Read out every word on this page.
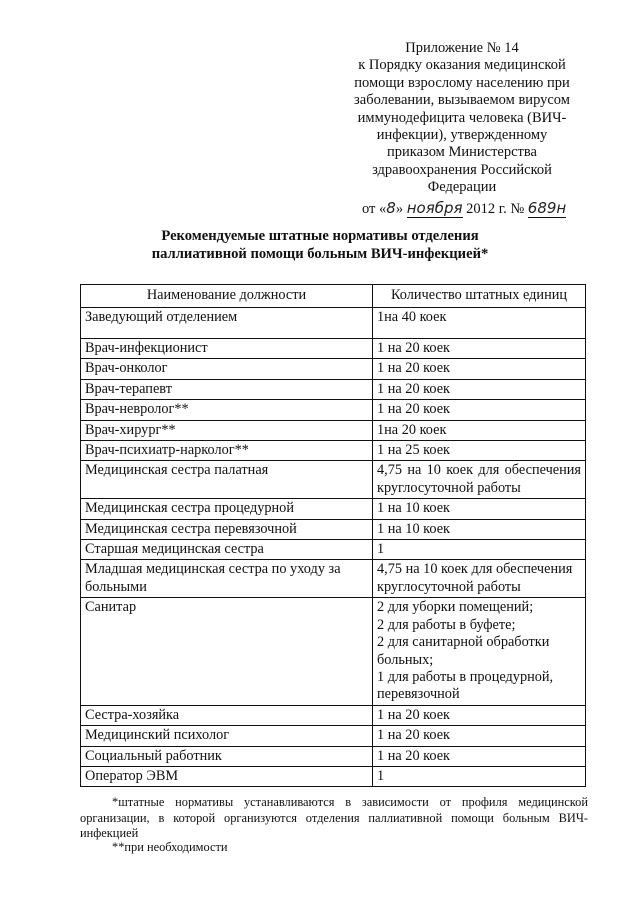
Приложение № 14
к Порядку оказания медицинской
помощи взрослому населению при
заболевании, вызываемом вирусом
иммунодефицита человека (ВИЧ-
инфекции), утвержденному
приказом Министерства
здравоохранения Российской
Федерации
от «8» ноября 2012 г. № 689н
Рекомендуемые штатные нормативы отделения
паллиативной помощи больным ВИЧ-инфекцией*
Наименование должности	Количество штатных единиц
Заведующий отделением	1на 40 коек

Врач-инфекционист	1 на 20 коек

Врач-онколог	1 на 20 коек

Врач-терапевт	1 на 20 коек

Врач-невролог**	1 на 20 коек

Врач-хирург**	1на 20 коек

Врач-психиатр-нарколог**	1 на 25 коек

Медицинская сестра палатная	4,75 на 10 коек для обеспечения круглосуточной работы

Медицинская сестра процедурной	1 на 10 коек

Медицинская сестра перевязочной	1 на 10 коек

Старшая медицинская сестра	1

Младшая медицинская сестра по уходу за больными	4,75 на 10 коек для обеспечения круглосуточной работы

Санитар	2 для уборки помещений;
2 для работы в буфете;
2 для санитарной обработки больных;
1 для работы в процедурной, перевязочной

Сестра-хозяйка	1 на 20 коек

Медицинский психолог	1 на 20 коек

Социальный работник	1 на 20 коек

Оператор ЭВМ	1
*штатные нормативы устанавливаются в зависимости от профиля медицинской организации, в которой организуются отделения паллиативной помощи больным ВИЧ-инфекцией
**при необходимости
